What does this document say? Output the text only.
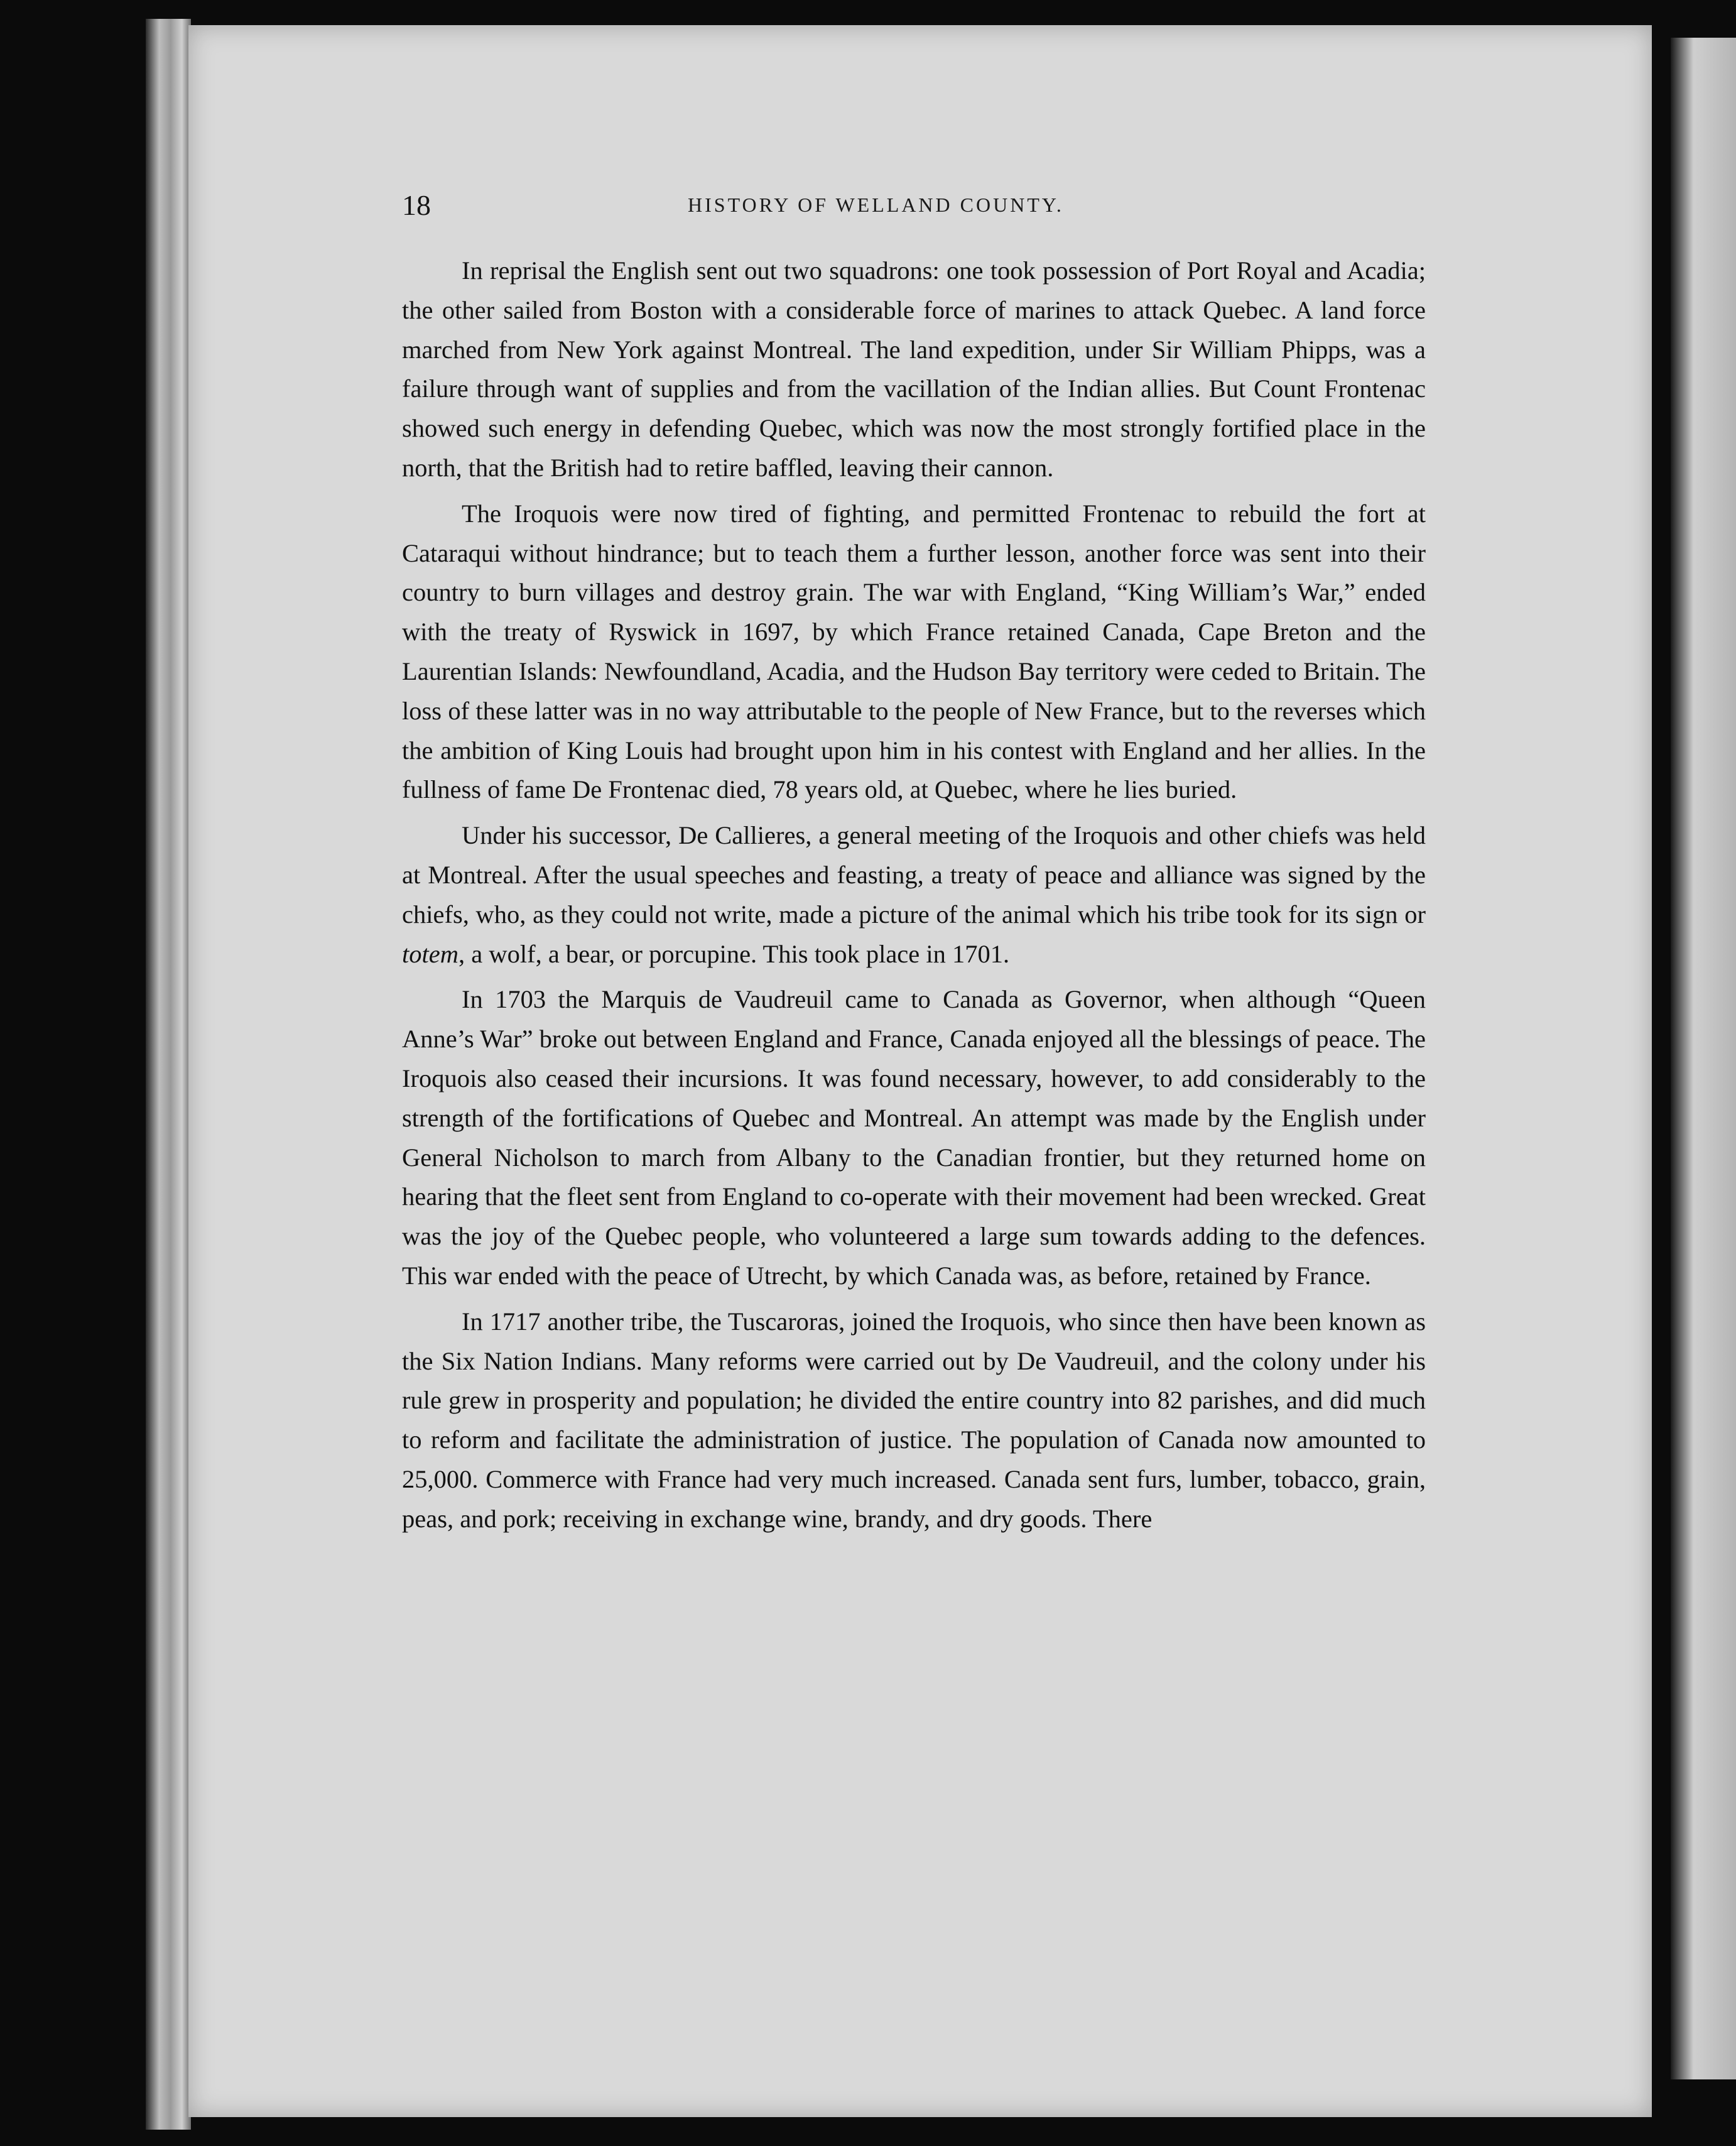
18	HISTORY OF WELLAND COUNTY.

In reprisal the English sent out two squadrons: one took possession of Port Royal and Acadia; the other sailed from Boston with a considerable force of marines to attack Quebec. A land force marched from New York against Montreal. The land expedition, under Sir William Phipps, was a failure through want of supplies and from the vacillation of the Indian allies. But Count Frontenac showed such energy in defending Quebec, which was now the most strongly fortified place in the north, that the British had to retire baffled, leaving their cannon.

The Iroquois were now tired of fighting, and permitted Frontenac to rebuild the fort at Cataraqui without hindrance; but to teach them a further lesson, another force was sent into their country to burn villages and destroy grain. The war with England, “King William’s War,” ended with the treaty of Ryswick in 1697, by which France retained Canada, Cape Breton and the Laurentian Islands: Newfoundland, Acadia, and the Hudson Bay territory were ceded to Britain. The loss of these latter was in no way attributable to the people of New France, but to the reverses which the ambition of King Louis had brought upon him in his contest with England and her allies. In the fullness of fame De Frontenac died, 78 years old, at Quebec, where he lies buried.

Under his successor, De Callieres, a general meeting of the Iroquois and other chiefs was held at Montreal. After the usual speeches and feasting, a treaty of peace and alliance was signed by the chiefs, who, as they could not write, made a picture of the animal which his tribe took for its sign or totem, a wolf, a bear, or porcupine. This took place in 1701.

In 1703 the Marquis de Vaudreuil came to Canada as Governor, when although “Queen Anne’s War” broke out between England and France, Canada enjoyed all the blessings of peace. The Iroquois also ceased their incursions. It was found necessary, however, to add considerably to the strength of the fortifications of Quebec and Montreal. An attempt was made by the English under General Nicholson to march from Albany to the Canadian frontier, but they returned home on hearing that the fleet sent from England to co-operate with their movement had been wrecked. Great was the joy of the Quebec people, who volunteered a large sum towards adding to the defences. This war ended with the peace of Utrecht, by which Canada was, as before, retained by France.

In 1717 another tribe, the Tuscaroras, joined the Iroquois, who since then have been known as the Six Nation Indians. Many reforms were carried out by De Vaudreuil, and the colony under his rule grew in prosperity and population; he divided the entire country into 82 parishes, and did much to reform and facilitate the administration of justice. The population of Canada now amounted to 25,000. Commerce with France had very much increased. Canada sent furs, lumber, tobacco, grain, peas, and pork; receiving in exchange wine, brandy, and dry goods. There
